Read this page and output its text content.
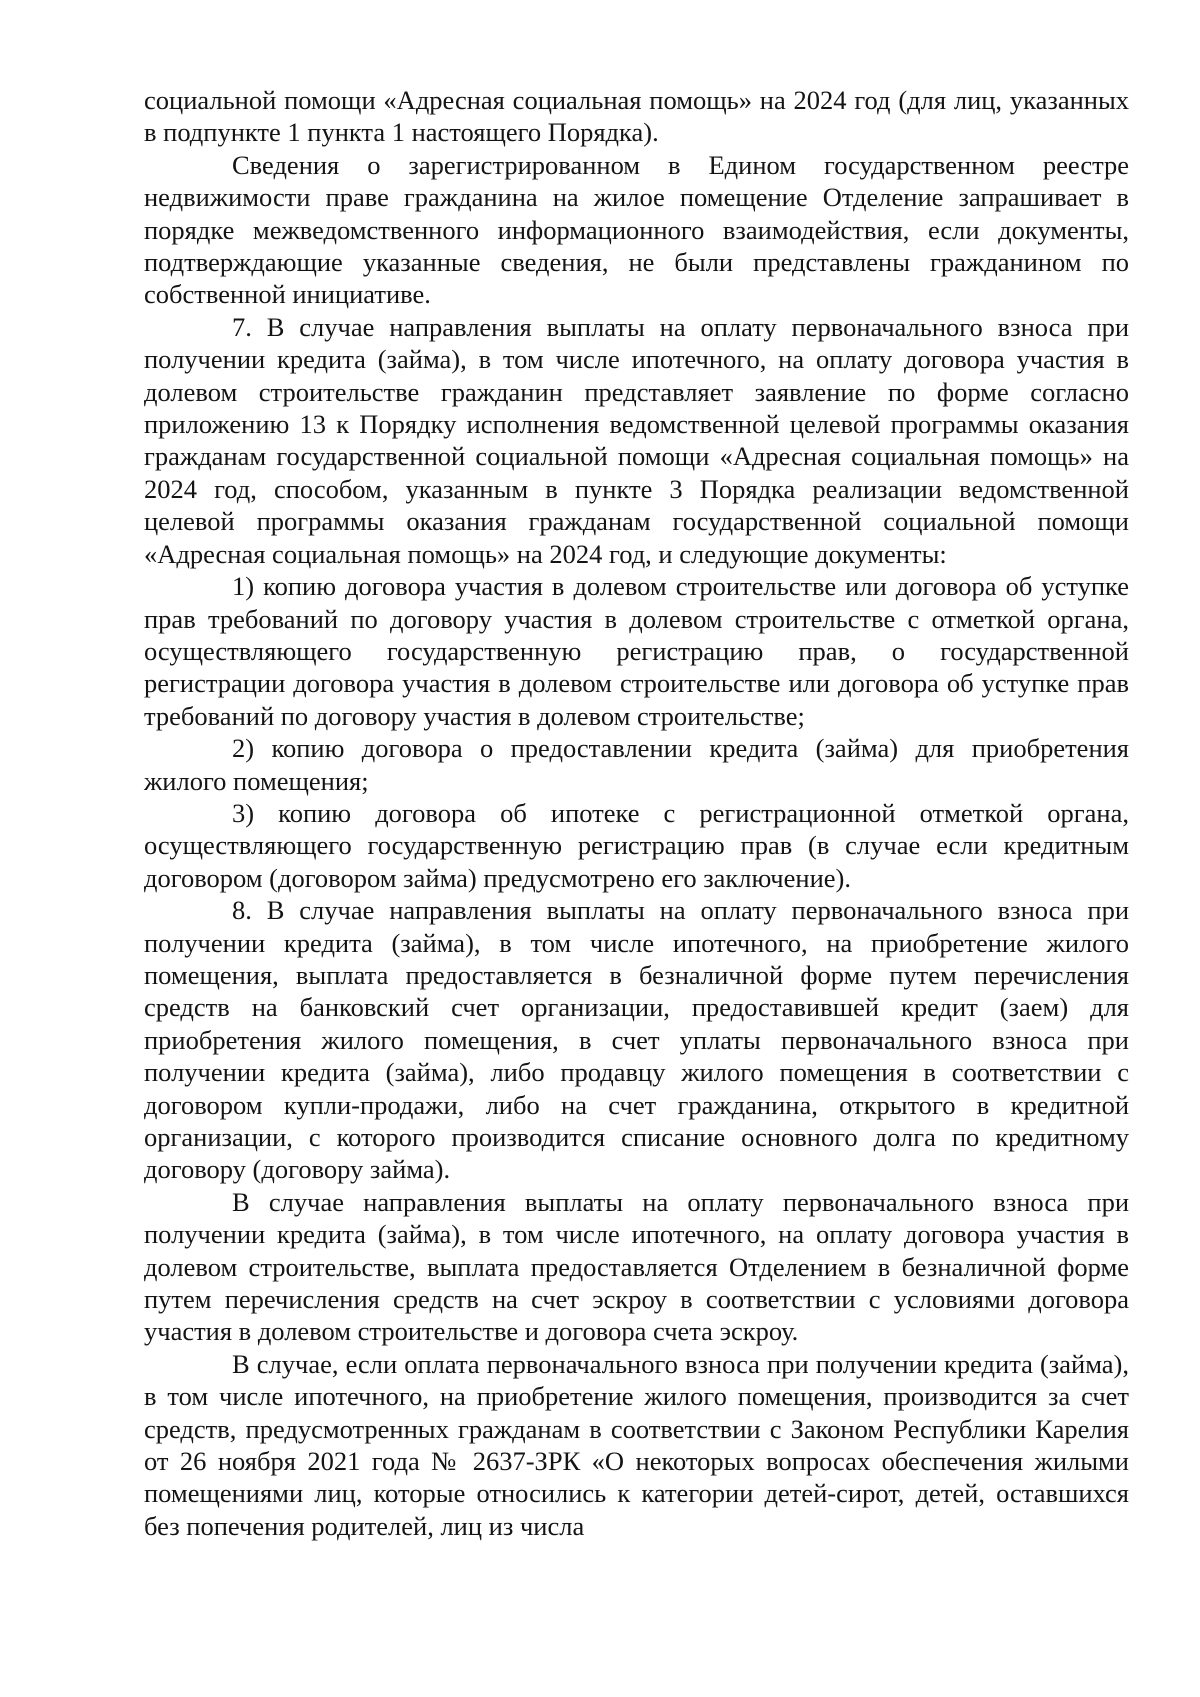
социальной помощи «Адресная социальная помощь» на 2024 год (для лиц, указанных в подпункте 1 пункта 1 настоящего Порядка).

Сведения о зарегистрированном в Едином государственном реестре недвижимости праве гражданина на жилое помещение Отделение запрашивает в порядке межведомственного информационного взаимодействия, если документы, подтверждающие указанные сведения, не были представлены гражданином по собственной инициативе.

7. В случае направления выплаты на оплату первоначального взноса при получении кредита (займа), в том числе ипотечного, на оплату договора участия в долевом строительстве гражданин представляет заявление по форме согласно приложению 13 к Порядку исполнения ведомственной целевой программы оказания гражданам государственной социальной помощи «Адресная социальная помощь» на 2024 год, способом, указанным в пункте 3 Порядка реализации ведомственной целевой программы оказания гражданам государственной социальной помощи «Адресная социальная помощь» на 2024 год, и следующие документы:

1) копию договора участия в долевом строительстве или договора об уступке прав требований по договору участия в долевом строительстве с отметкой органа, осуществляющего государственную регистрацию прав, о государственной регистрации договора участия в долевом строительстве или договора об уступке прав требований по договору участия в долевом строительстве;

2) копию договора о предоставлении кредита (займа) для приобретения жилого помещения;

3) копию договора об ипотеке с регистрационной отметкой органа, осуществляющего государственную регистрацию прав (в случае если кредитным договором (договором займа) предусмотрено его заключение).

8. В случае направления выплаты на оплату первоначального взноса при получении кредита (займа), в том числе ипотечного, на приобретение жилого помещения, выплата предоставляется в безналичной форме путем перечисления средств на банковский счет организации, предоставившей кредит (заем) для приобретения жилого помещения, в счет уплаты первоначального взноса при получении кредита (займа), либо продавцу жилого помещения в соответствии с договором купли-продажи, либо на счет гражданина, открытого в кредитной организации, с которого производится списание основного долга по кредитному договору (договору займа).

В случае направления выплаты на оплату первоначального взноса при получении кредита (займа), в том числе ипотечного, на оплату договора участия в долевом строительстве, выплата предоставляется Отделением в безналичной форме путем перечисления средств на счет эскроу в соответствии с условиями договора участия в долевом строительстве и договора счета эскроу.

В случае, если оплата первоначального взноса при получении кредита (займа), в том числе ипотечного, на приобретение жилого помещения, производится за счет средств, предусмотренных гражданам в соответствии с Законом Республики Карелия от 26 ноября 2021 года № 2637-ЗРК «О некоторых вопросах обеспечения жилыми помещениями лиц, которые относились к категории детей-сирот, детей, оставшихся без попечения родителей, лиц из числа
